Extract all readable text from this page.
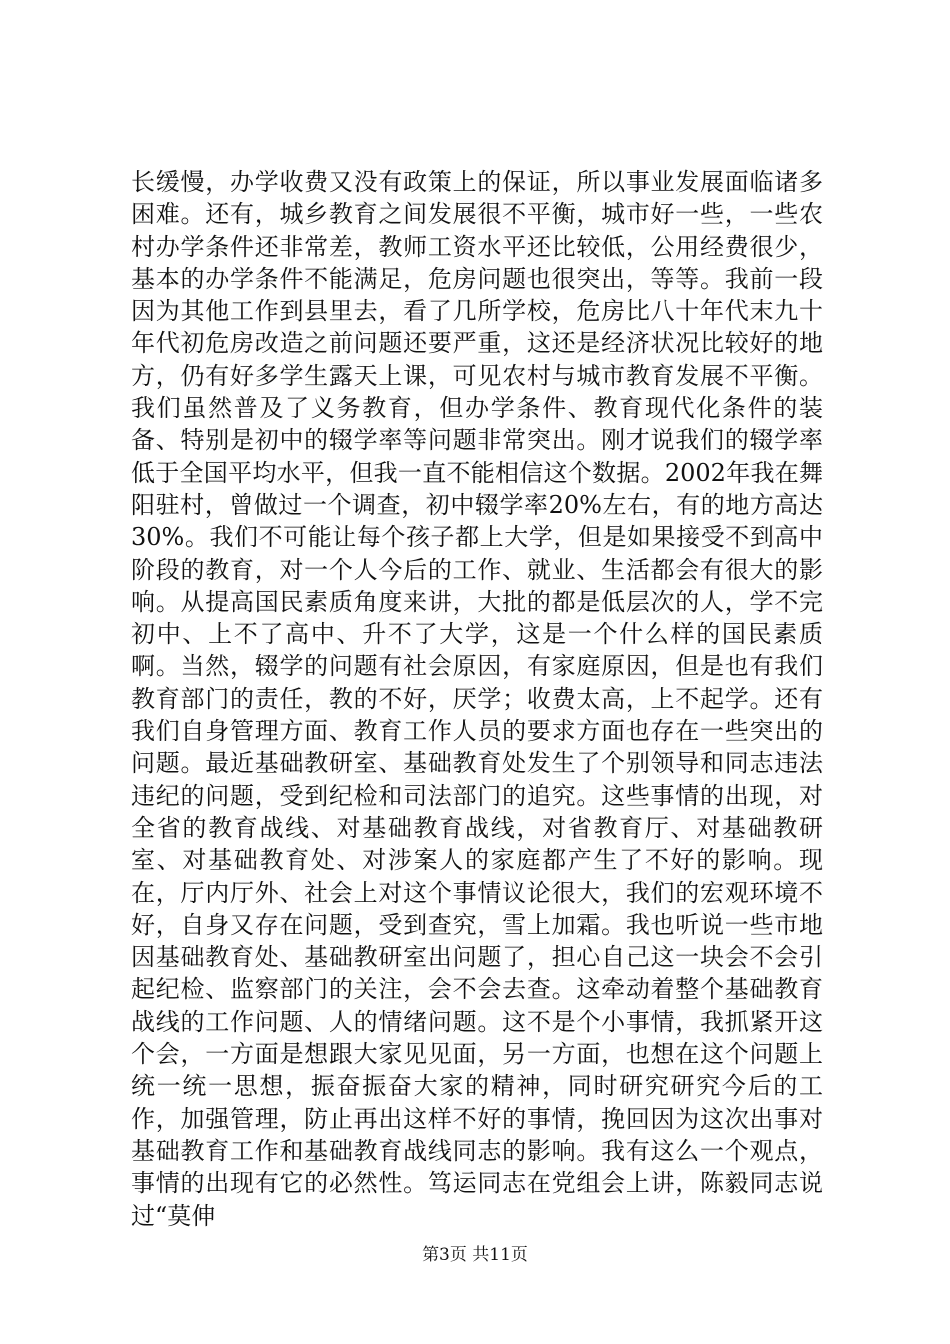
长缓慢，办学收费又没有政策上的保证，所以事业发展面临诸多困难。还有，城乡教育之间发展很不平衡，城市好一些，一些农村办学条件还非常差，教师工资水平还比较低，公用经费很少，基本的办学条件不能满足，危房问题也很突出，等等。我前一段因为其他工作到县里去，看了几所学校，危房比八十年代末九十年代初危房改造之前问题还要严重，这还是经济状况比较好的地方，仍有好多学生露天上课，可见农村与城市教育发展不平衡。我们虽然普及了义务教育，但办学条件、教育现代化条件的装备、特别是初中的辍学率等问题非常突出。刚才说我们的辍学率低于全国平均水平，但我一直不能相信这个数据。2002年我在舞阳驻村，曾做过一个调查，初中辍学率20%左右，有的地方高达30%。我们不可能让每个孩子都上大学，但是如果接受不到高中阶段的教育，对一个人今后的工作、就业、生活都会有很大的影响。从提高国民素质角度来讲，大批的都是低层次的人，学不完初中、上不了高中、升不了大学，这是一个什么样的国民素质啊。当然，辍学的问题有社会原因，有家庭原因，但是也有我们教育部门的责任，教的不好，厌学；收费太高，上不起学。还有我们自身管理方面、教育工作人员的要求方面也存在一些突出的问题。最近基础教研室、基础教育处发生了个别领导和同志违法违纪的问题，受到纪检和司法部门的追究。这些事情的出现，对全省的教育战线、对基础教育战线，对省教育厅、对基础教研室、对基础教育处、对涉案人的家庭都产生了不好的影响。现在，厅内厅外、社会上对这个事情议论很大，我们的宏观环境不好，自身又存在问题，受到查究，雪上加霜。我也听说一些市地因基础教育处、基础教研室出问题了，担心自己这一块会不会引起纪检、监察部门的关注，会不会去查。这牵动着整个基础教育战线的工作问题、人的情绪问题。这不是个小事情，我抓紧开这个会，一方面是想跟大家见见面，另一方面，也想在这个问题上统一统一思想，振奋振奋大家的精神，同时研究研究今后的工作，加强管理，防止再出这样不好的事情，挽回因为这次出事对基础教育工作和基础教育战线同志的影响。我有这么一个观点，事情的出现有它的必然性。笃运同志在党组会上讲，陈毅同志说过“莫伸

第3页 共11页
